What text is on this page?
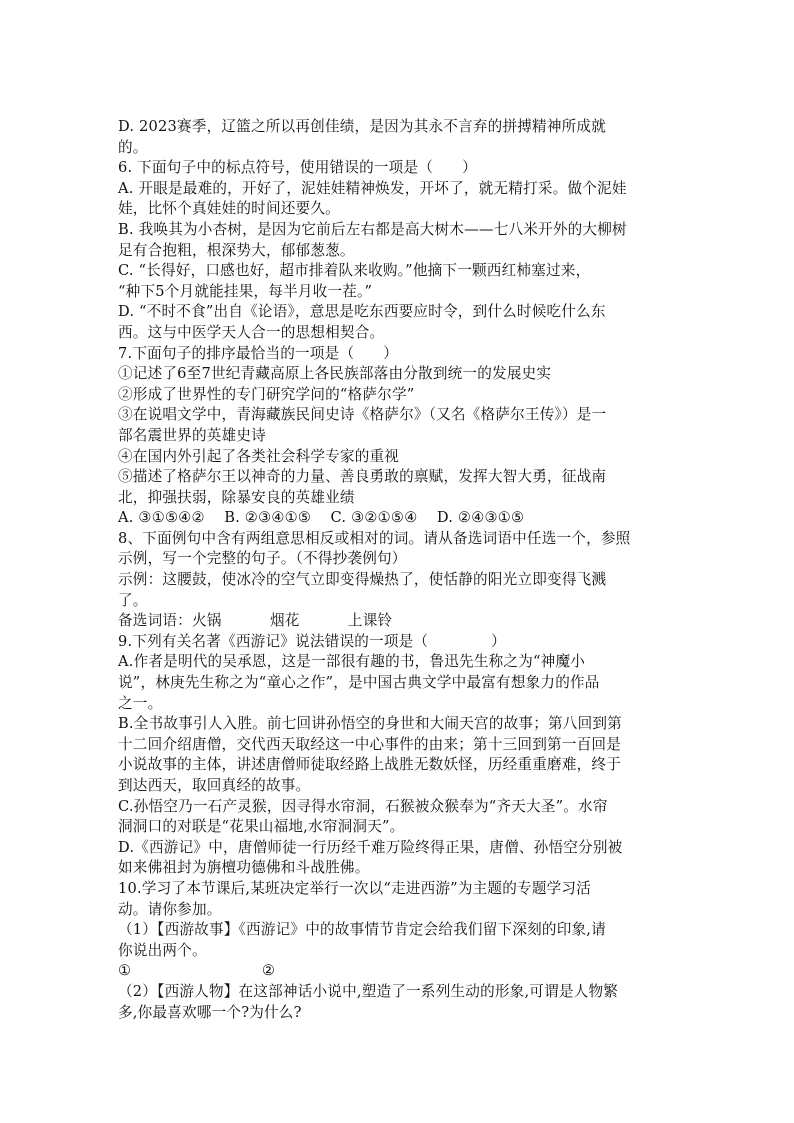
D. 2023赛季，辽篮之所以再创佳绩，是因为其永不言弃的拼搏精神所成就

的。

6. 下面句子中的标点符号，使用错误的一项是（      ）

A. 开眼是最难的，开好了，泥娃娃精神焕发，开坏了，就无精打采。做个泥娃

娃，比怀个真娃娃的时间还要久。

B. 我唤其为小杏树，是因为它前后左右都是高大树木——七八米开外的大柳树

足有合抱粗，根深势大，郁郁葱葱。

C. “长得好，口感也好，超市排着队来收购。”他摘下一颗西红柿塞过来，

“种下5个月就能挂果，每半月收一茬。”

D. “不时不食”出自《论语》，意思是吃东西要应时令，到什么时候吃什么东

西。这与中医学天人合一的思想相契合。

7.下面句子的排序最恰当的一项是（      ）

①记述了6至7世纪青藏高原上各民族部落由分散到统一的发展史实

②形成了世界性的专门研究学问的“格萨尔学”

③在说唱文学中，青海藏族民间史诗《格萨尔》（又名《格萨尔王传》）是一

部名震世界的英雄史诗

④在国内外引起了各类社会科学专家的重视

⑤描述了格萨尔王以神奇的力量、善良勇敢的禀赋，发挥大智大勇，征战南

北，抑强扶弱，除暴安良的英雄业绩

A. ③①⑤④②    B. ②③④①⑤    C. ③②①⑤④    D. ②④③①⑤

8、下面例句中含有两组意思相反或相对的词。请从备选词语中任选一个，参照

示例，写一个完整的句子。（不得抄袭例句）

示例：这腰鼓，使冰冷的空气立即变得燥热了，使恬静的阳光立即变得飞溅

了。

备选词语：火锅          烟花          上课铃

9.下列有关名著《西游记》说法错误的一项是（             ）

A.作者是明代的吴承恩，这是一部很有趣的书，鲁迅先生称之为“神魔小

说”，林庚先生称之为“童心之作”，是中国古典文学中最富有想象力的作品

之一。

B.全书故事引人入胜。前七回讲孙悟空的身世和大闹天宫的故事；第八回到第

十二回介绍唐僧，交代西天取经这一中心事件的由来；第十三回到第一百回是

小说故事的主体，讲述唐僧师徒取经路上战胜无数妖怪，历经重重磨难，终于

到达西天，取回真经的故事。

C.孙悟空乃一石产灵猴，因寻得水帘洞，石猴被众猴奉为“齐天大圣”。水帘

洞洞口的对联是“花果山福地,水帘洞洞天”。

D.《西游记》中，唐僧师徒一行历经千难万险终得正果，唐僧、孙悟空分别被

如来佛祖封为旃檀功德佛和斗战胜佛。

10.学习了本节课后,某班决定举行一次以“走进西游”为主题的专题学习活

动。请你参加。

（1）【西游故事】《西游记》中的故事情节肯定会给我们留下深刻的印象,请

你说出两个。

①                           ②

（2）【西游人物】在这部神话小说中,塑造了一系列生动的形象,可谓是人物繁

多,你最喜欢哪一个?为什么?
